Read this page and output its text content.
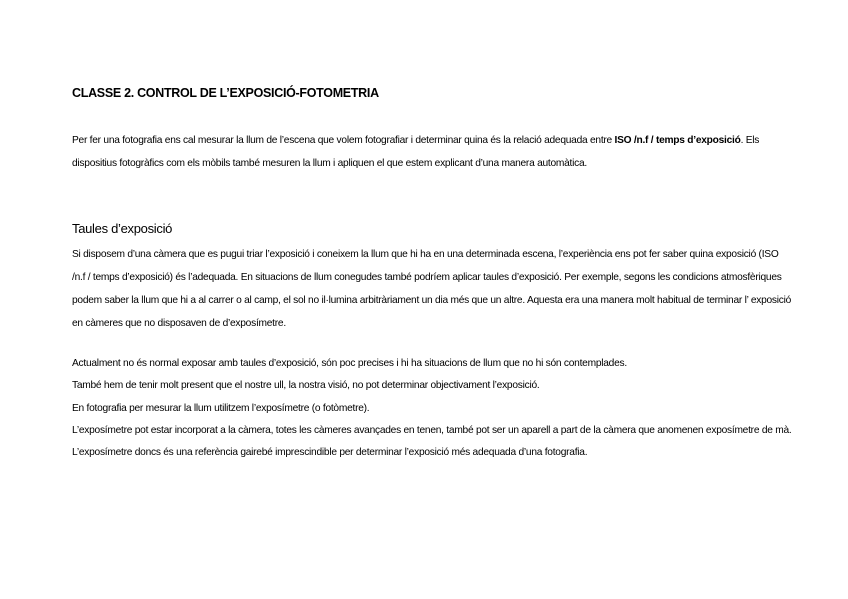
CLASSE 2. CONTROL DE L’EXPOSICIÓ-FOTOMETRIA

Per fer una fotografia ens cal mesurar la llum de l’escena que volem fotografiar i determinar quina és la relació adequada entre ISO /n.f / temps d’exposició. Els dispositius fotogràfics com els mòbils també mesuren la llum i apliquen el que estem explicant d’una manera automàtica.

Taules d’exposició

Si disposem d’una càmera que es pugui triar l’exposició i coneixem la llum que hi ha en una determinada escena, l’experiència ens pot fer saber quina exposició (ISO /n.f / temps d’exposició) és l’adequada. En situacions de llum conegudes també podríem aplicar taules d’exposició. Per exemple, segons les condicions atmosfèriques podem saber la llum que hi a al carrer o al camp, el sol no il·lumina arbitràriament un dia més que un altre. Aquesta era una manera molt habitual de terminar l’ exposició en càmeres que no disposaven de d’exposímetre.

Actualment no és normal exposar amb taules d’exposició, són poc precises i hi ha situacions de llum que no hi són contemplades.
També hem de tenir molt present que el nostre ull, la nostra visió, no pot determinar objectivament l’exposició.
En fotografia per mesurar la llum utilitzem l’exposímetre (o fotòmetre).
L’exposímetre pot estar incorporat a la càmera, totes les càmeres avançades en tenen, també pot ser un aparell a part de la càmera que anomenen exposímetre de mà.
L’exposímetre doncs és una referència gairebé imprescindible per determinar l’exposició més adequada d’una fotografia.
